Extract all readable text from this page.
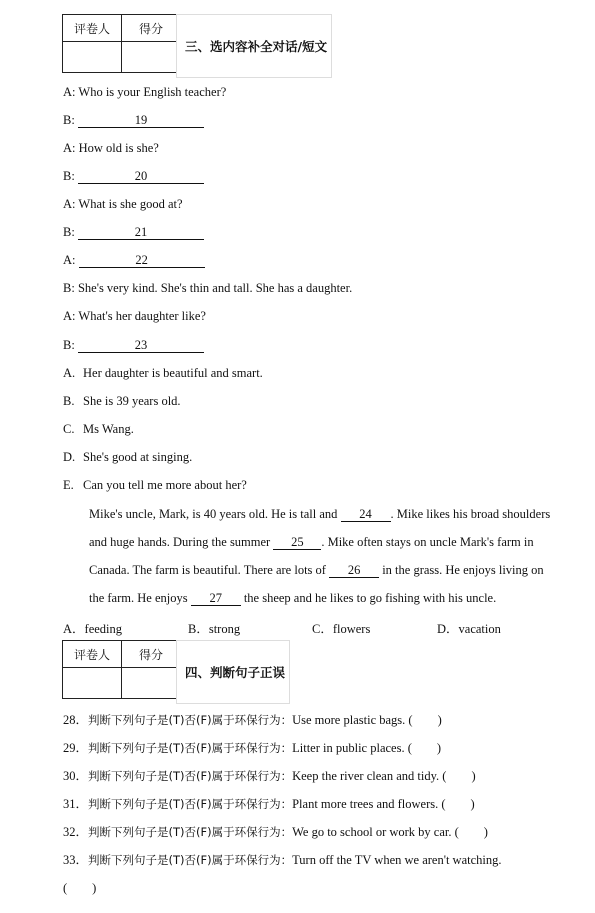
评卷人	得分

三、选内容补全对话/短文
A: Who is your English teacher?
B:	19
A: How old is she?
B:	20
A: What is she good at?
B:	21
A:	22
B: She's very kind. She's thin and tall. She has a daughter.
A: What's her daughter like?
B:	23
A. Her daughter is beautiful and smart.
B. She is 39 years old.
C. Ms Wang.
D. She's good at singing.
E. Can you tell me more about her?
Mike's uncle, Mark, is 40 years old. He is tall and 24 . Mike likes his broad shoulders and huge hands. During the summer 25 . Mike often stays on uncle Mark's farm in Canada. The farm is beautiful. There are lots of 26 in the grass. He enjoys living on the farm. He enjoys 27 the sheep and he likes to go fishing with his uncle.
A．feeding	B．strong	C．flowers	D．vacation
评卷人	得分

四、判断句子正误
28．判断下列句子是(T)否(F)属于环保行为：Use more plastic bags. (　　)
29．判断下列句子是(T)否(F)属于环保行为：Litter in public places. (　　)
30．判断下列句子是(T)否(F)属于环保行为：Keep the river clean and tidy. (　　)
31．判断下列句子是(T)否(F)属于环保行为：Plant more trees and flowers. (　　)
32．判断下列句子是(T)否(F)属于环保行为：We go to school or work by car. (　　)
33．判断下列句子是(T)否(F)属于环保行为：Turn off the TV when we aren't watching.
(　　)
